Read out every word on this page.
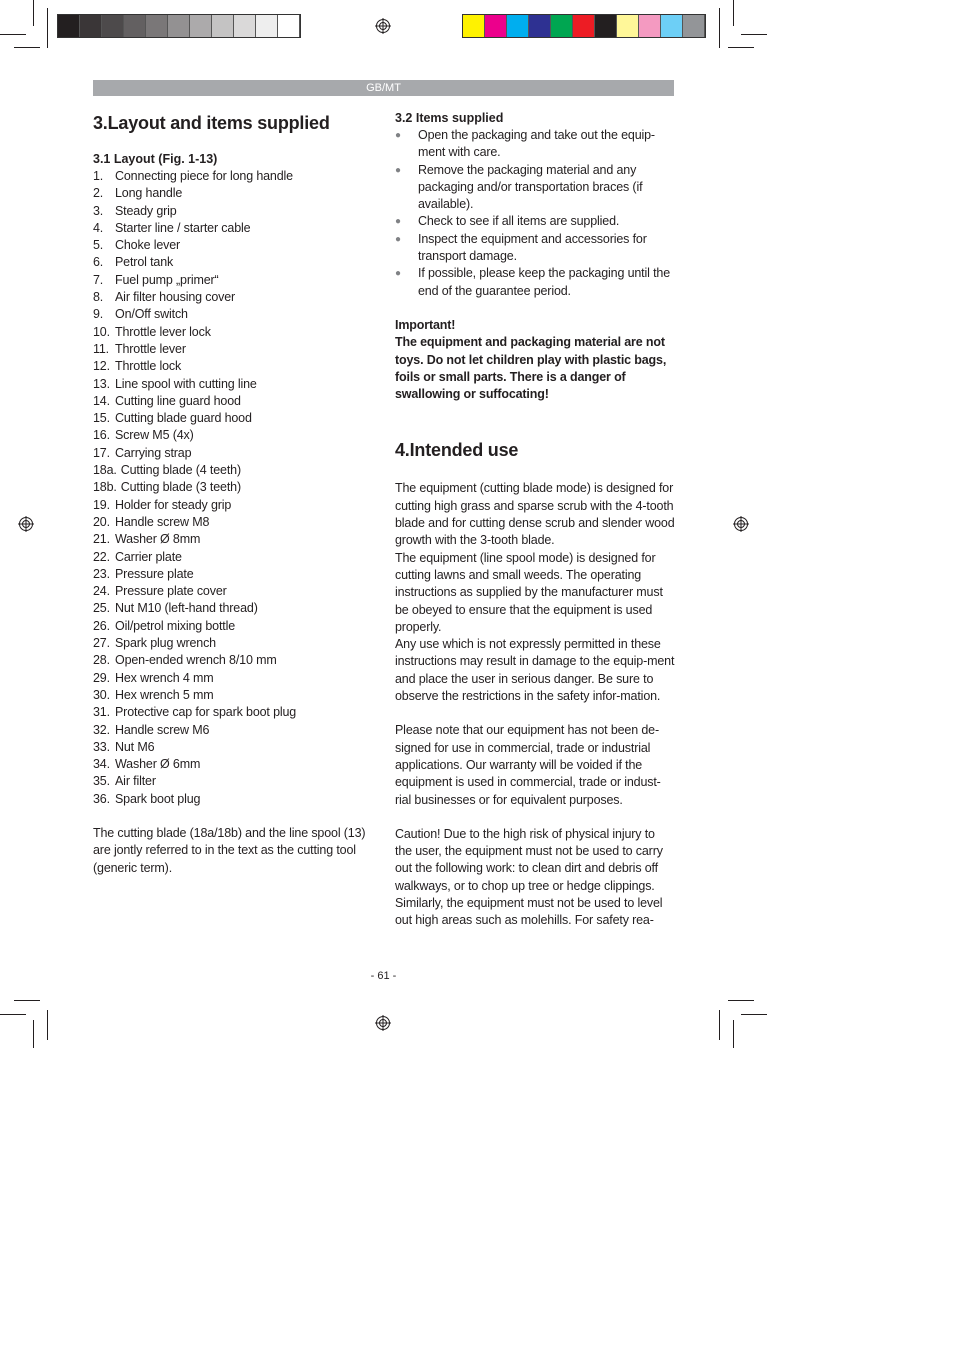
GB/MT
3.Layout and items supplied
3.1 Layout (Fig. 1-13)
1. Connecting piece for long handle
2. Long handle
3. Steady grip
4. Starter line / starter cable
5. Choke lever
6. Petrol tank
7. Fuel pump „primer“
8. Air filter housing cover
9. On/Off switch
10. Throttle lever lock
11. Throttle lever
12. Throttle lock
13. Line spool with cutting line
14. Cutting line guard hood
15. Cutting blade guard hood
16. Screw M5 (4x)
17. Carrying strap
18a. Cutting blade (4 teeth)
18b. Cutting blade (3 teeth)
19. Holder for steady grip
20. Handle screw M8
21. Washer Ø 8mm
22. Carrier plate
23. Pressure plate
24. Pressure plate cover
25. Nut M10 (left-hand thread)
26. Oil/petrol mixing bottle
27. Spark plug wrench
28. Open-ended wrench 8/10 mm
29. Hex wrench 4 mm
30. Hex wrench 5 mm
31. Protective cap for spark boot plug
32. Handle screw M6
33. Nut M6
34. Washer Ø 6mm
35. Air filter
36. Spark boot plug

The cutting blade (18a/18b) and the line spool (13) are jontly referred to in the text as the cutting tool (generic term).

3.2 Items supplied
●	Open the packaging and take out the equip-ment with care.
●	Remove the packaging material and any packaging and/or transportation braces (if available).
●	Check to see if all items are supplied.
●	Inspect the equipment and accessories for transport damage.
●	If possible, please keep the packaging until the end of the guarantee period.

Important!

The equipment and packaging material are not toys. Do not let children play with plastic bags, foils or small parts. There is a danger of swallowing or suffocating!

4.Intended use

The equipment (cutting blade mode) is designed for cutting high grass and sparse scrub with the 4-tooth blade and for cutting dense scrub and slender wood growth with the 3-tooth blade.

The equipment (line spool mode) is designed for cutting lawns and small weeds. The operating instructions as supplied by the manufacturer must be obeyed to ensure that the equipment is used properly.

Any use which is not expressly permitted in these instructions may result in damage to the equip-ment and place the user in serious danger. Be sure to observe the restrictions in the safety infor-mation.

Please note that our equipment has not been de-signed for use in commercial, trade or industrial applications. Our warranty will be voided if the equipment is used in commercial, trade or indust-rial businesses or for equivalent purposes.

Caution! Due to the high risk of physical injury to the user, the equipment must not be used to carry out the following work: to clean dirt and debris off walkways, or to chop up tree or hedge clippings. Similarly, the equipment must not be used to level out high areas such as molehills. For safety rea-

- 61 -
